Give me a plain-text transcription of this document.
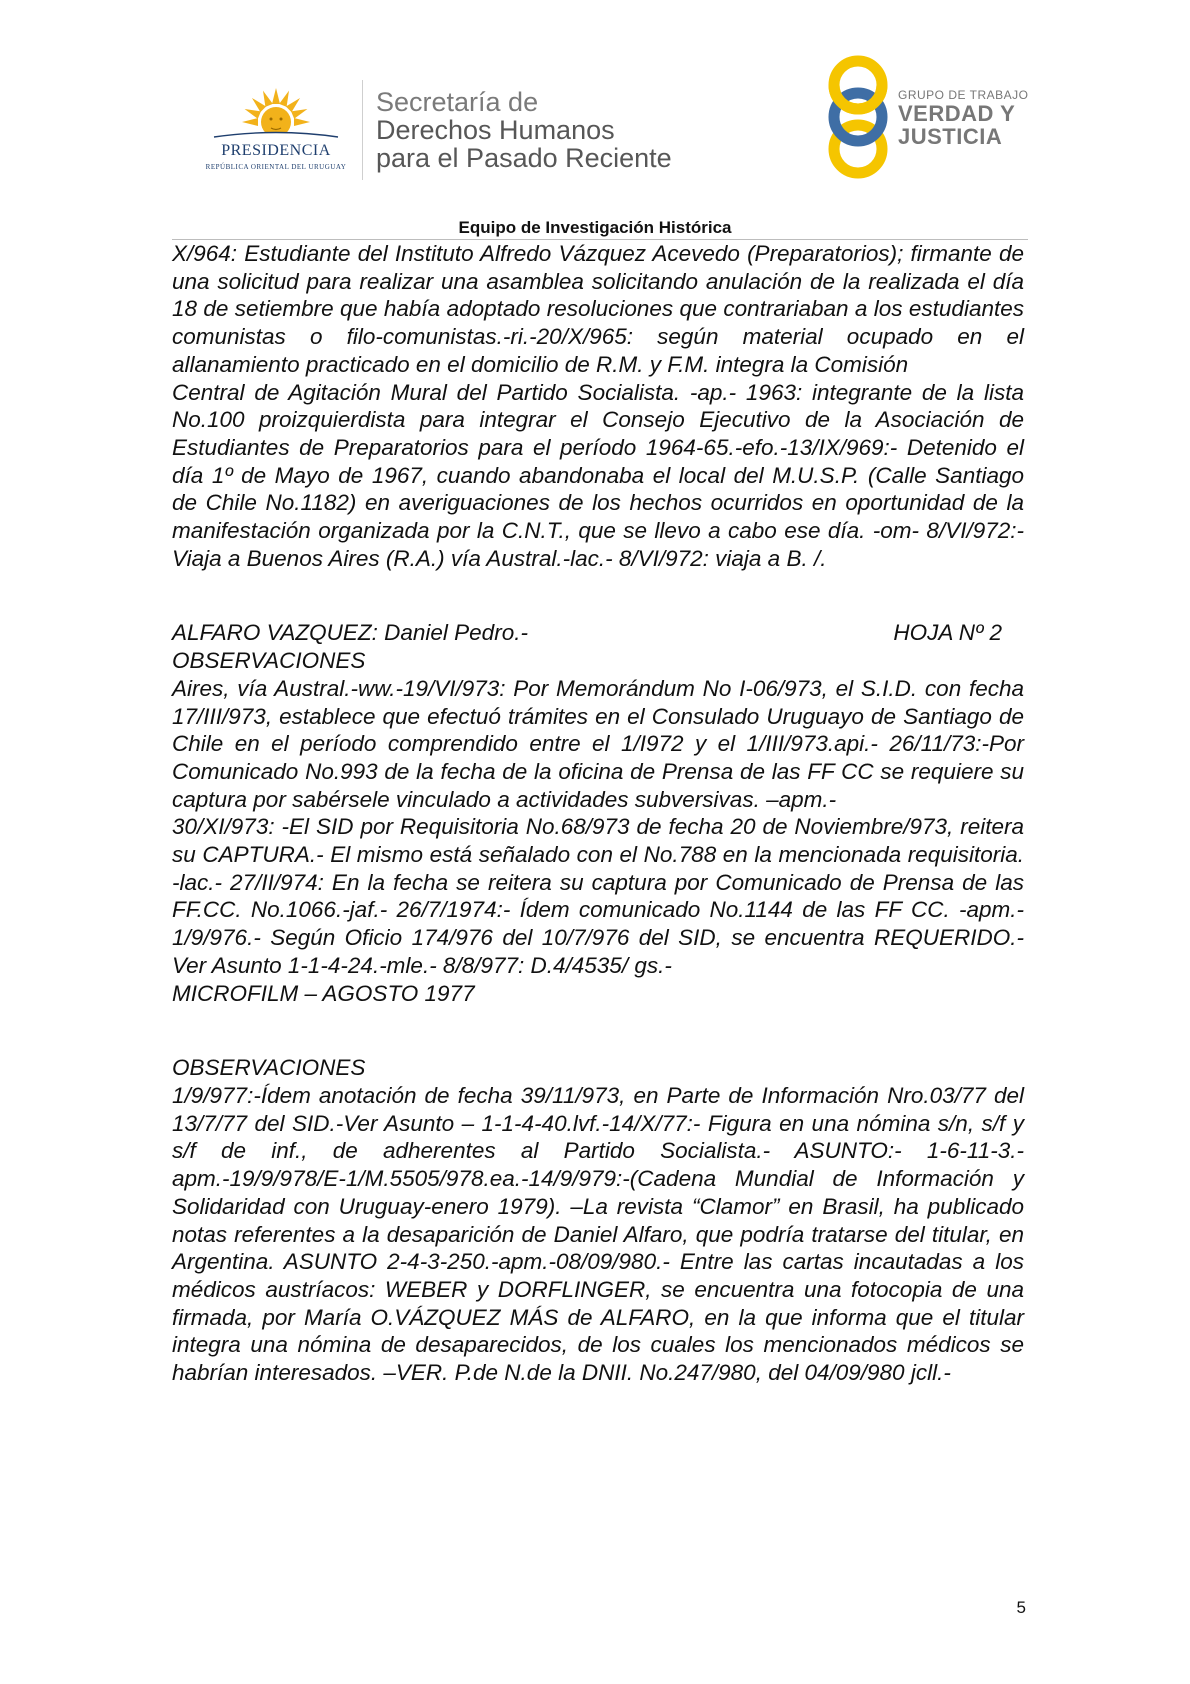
PRESIDENCIA
REPÚBLICA ORIENTAL DEL URUGUAY
Secretaría de
Derechos Humanos
para el Pasado Reciente
GRUPO DE TRABAJO
VERDAD Y
JUSTICIA
Equipo de Investigación Histórica

X/964: Estudiante del Instituto Alfredo Vázquez Acevedo (Preparatorios); firmante de una solicitud para realizar una asamblea solicitando anulación de la realizada el día 18 de setiembre que había adoptado resoluciones que contrariaban a los estudiantes comunistas o filo-comunistas.-ri.-20/X/965: según material ocupado en el allanamiento practicado en el domicilio de R.M. y F.M. integra la Comisión

Central de Agitación Mural del Partido Socialista. -ap.- 1963: integrante de la lista No.100 proizquierdista para integrar el Consejo Ejecutivo de la Asociación de Estudiantes de Preparatorios para el período 1964-65.-efo.-13/IX/969:- Detenido el día 1º de Mayo de 1967, cuando abandonaba el local del M.U.S.P. (Calle Santiago de Chile No.1182) en averiguaciones de los hechos ocurridos en oportunidad de la manifestación organizada por la C.N.T., que se llevo a cabo ese día. -om- 8/VI/972:-Viaja a Buenos Aires (R.A.) vía Austral.-lac.- 8/VI/972: viaja a B. /.

ALFARO VAZQUEZ: Daniel Pedro.-	HOJA Nº 2
OBSERVACIONES

Aires, vía Austral.-ww.-19/VI/973: Por Memorándum No I-06/973, el S.I.D. con fecha 17/III/973, establece que efectuó trámites en el Consulado Uruguayo de Santiago de Chile en el período comprendido entre el 1/I972 y el 1/III/973.api.- 26/11/73:-Por Comunicado No.993 de la fecha de la oficina de Prensa de las FF CC se requiere su captura por sabérsele vinculado a actividades subversivas. –apm.-

30/XI/973: -El SID por Requisitoria No.68/973 de fecha 20 de Noviembre/973, reitera su CAPTURA.- El mismo está señalado con el No.788 en la mencionada requisitoria. -lac.- 27/II/974: En la fecha se reitera su captura por Comunicado de Prensa de las FF.CC. No.1066.-jaf.- 26/7/1974:- Ídem comunicado No.1144 de las FF CC. -apm.- 1/9/976.- Según Oficio 174/976 del 10/7/976 del SID, se encuentra REQUERIDO.- Ver Asunto 1-1-4-24.-mle.- 8/8/977: D.4/4535/ gs.-

MICROFILM – AGOSTO 1977
OBSERVACIONES

1/9/977:-Ídem anotación de fecha 39/11/973, en Parte de Información Nro.03/77 del 13/7/77 del SID.-Ver Asunto – 1-1-4-40.lvf.-14/X/77:- Figura en una nómina s/n, s/f y s/f de inf., de adherentes al Partido Socialista.- ASUNTO:- 1-6-11-3.-apm.-19/9/978/E-1/M.5505/978.ea.-14/9/979:-(Cadena Mundial de Información y Solidaridad con Uruguay-enero 1979). –La revista “Clamor” en Brasil, ha publicado notas referentes a la desaparición de Daniel Alfaro, que podría tratarse del titular, en Argentina. ASUNTO 2-4-3-250.-apm.-08/09/980.- Entre las cartas incautadas a los médicos austríacos: WEBER y DORFLINGER, se encuentra una fotocopia de una firmada, por María O.VÁZQUEZ MÁS de ALFARO, en la que informa que el titular integra una nómina de desaparecidos, de los cuales los mencionados médicos se habrían interesados. –VER. P.de N.de la DNII. No.247/980, del 04/09/980 jcll.-

5
